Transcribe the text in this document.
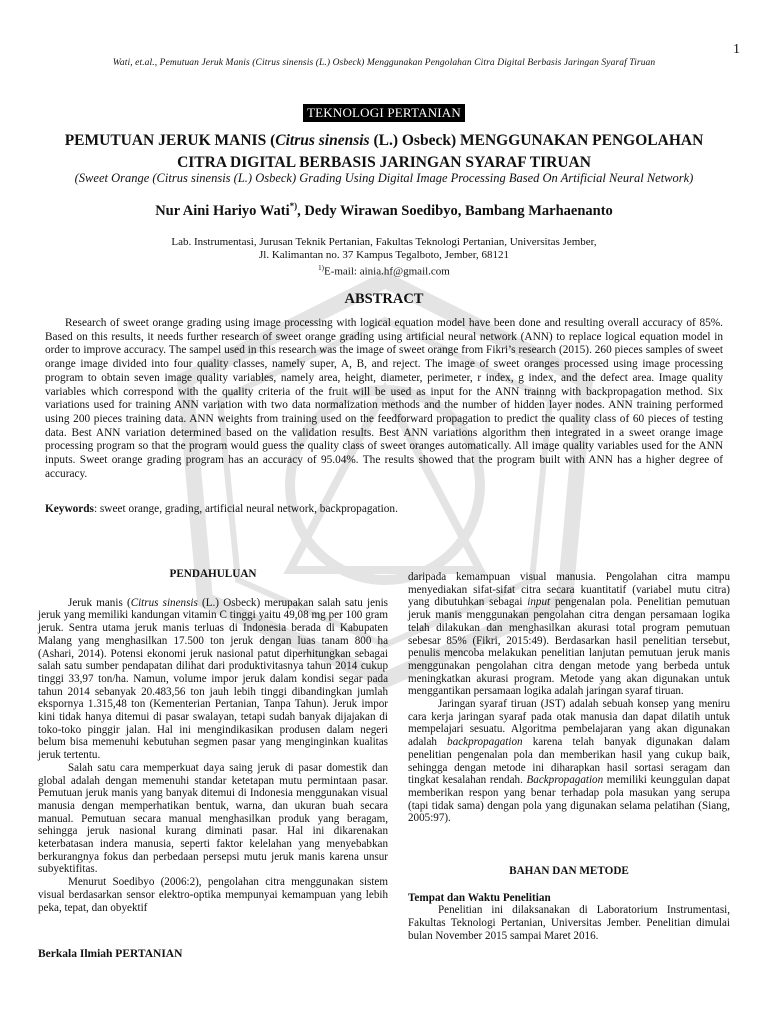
1
Wati, et.al., Pemutuan Jeruk Manis (Citrus sinensis (L.) Osbeck) Menggunakan Pengolahan Citra Digital Berbasis Jaringan Syaraf Tiruan
TEKNOLOGI PERTANIAN
PEMUTUAN JERUK MANIS (Citrus sinensis (L.) Osbeck) MENGGUNAKAN PENGOLAHAN CITRA DIGITAL BERBASIS JARINGAN SYARAF TIRUAN

(Sweet Orange (Citrus sinensis (L.) Osbeck) Grading Using Digital Image Processing Based On Artificial Neural Network)

Nur Aini Hariyo Wati*), Dedy Wirawan Soedibyo, Bambang Marhaenanto
Lab. Instrumentasi, Jurusan Teknik Pertanian, Fakultas Teknologi Pertanian, Universitas Jember,
Jl. Kalimantan no. 37 Kampus Tegalboto, Jember, 68121
$^{1)}$E-mail: ainia.hf@gmail.com
ABSTRACT

Research of sweet orange grading using image processing with logical equation model have been done and resulting overall accuracy of 85%. Based on this results, it needs further research of sweet orange grading using artificial neural network (ANN) to replace logical equation model in order to improve accuracy. The sampel used in this research was the image of sweet orange from Fikri’s research (2015). 260 pieces samples of sweet orange image divided into four quality classes, namely super, A, B, and reject. The image of sweet oranges processed using image processing program to obtain seven image quality variables, namely area, height, diameter, perimeter, r index, g index, and the defect area. Image quality variables which correspond with the quality criteria of the fruit will be used as input for the ANN trainng with backpropagation method. Six variations used for training ANN variation with two data normalization methods and the number of hidden layer nodes. ANN training performed using 200 pieces training data. ANN weights from training used on the feedforward propagation to predict the quality class of 60 pieces of testing data. Best ANN variation determined based on the validation results. Best ANN variations algorithm then integrated in a sweet orange image processing program so that the program would guess the quality class of sweet oranges automatically. All image quality variables used for the ANN inputs. Sweet orange grading program has an accuracy of 95.04%. The results showed that the program built with ANN has a higher degree of accuracy.

Keywords: sweet orange, grading, artificial neural network, backpropagation.

PENDAHULUAN

Jeruk manis (Citrus sinensis (L.) Osbeck) merupakan salah satu jenis jeruk yang memiliki kandungan vitamin C tinggi yaitu 49,08 mg per 100 gram jeruk. Sentra utama jeruk manis terluas di Indonesia berada di Kabupaten Malang yang menghasilkan 17.500 ton jeruk dengan luas tanam 800 ha (Ashari, 2014). Potensi ekonomi jeruk nasional patut diperhitungkan sebagai salah satu sumber pendapatan dilihat dari produktivitasnya tahun 2014 cukup tinggi 33,97 ton/ha. Namun, volume impor jeruk dalam kondisi segar pada tahun 2014 sebanyak 20.483,56 ton jauh lebih tinggi dibandingkan jumlah ekspornya 1.315,48 ton (Kementerian Pertanian, Tanpa Tahun). Jeruk impor kini tidak hanya ditemui di pasar swalayan, tetapi sudah banyak dijajakan di toko-toko pinggir jalan. Hal ini mengindikasikan produsen dalam negeri belum bisa memenuhi kebutuhan segmen pasar yang menginginkan kualitas jeruk tertentu.

Salah satu cara memperkuat daya saing jeruk di pasar domestik dan global adalah dengan memenuhi standar ketetapan mutu permintaan pasar. Pemutuan jeruk manis yang banyak ditemui di Indonesia menggunakan visual manusia dengan memperhatikan bentuk, warna, dan ukuran buah secara manual. Pemutuan secara manual menghasilkan produk yang beragam, sehingga jeruk nasional kurang diminati pasar. Hal ini dikarenakan keterbatasan indera manusia, seperti faktor kelelahan yang menyebabkan berkurangnya fokus dan perbedaan persepsi mutu jeruk manis karena unsur subyektifitas.

Menurut Soedibyo (2006:2), pengolahan citra menggunakan sistem visual berdasarkan sensor elektro-optika mempunyai kemampuan yang lebih peka, tepat, dan obyektif

daripada kemampuan visual manusia. Pengolahan citra mampu menyediakan sifat-sifat citra secara kuantitatif (variabel mutu citra) yang dibutuhkan sebagai input pengenalan pola. Penelitian pemutuan jeruk manis menggunakan pengolahan citra dengan persamaan logika telah dilakukan dan menghasilkan akurasi total program pemutuan sebesar 85% (Fikri, 2015:49). Berdasarkan hasil penelitian tersebut, penulis mencoba melakukan penelitian lanjutan pemutuan jeruk manis menggunakan pengolahan citra dengan metode yang berbeda untuk meningkatkan akurasi program. Metode yang akan digunakan untuk menggantikan persamaan logika adalah jaringan syaraf tiruan.

Jaringan syaraf tiruan (JST) adalah sebuah konsep yang meniru cara kerja jaringan syaraf pada otak manusia dan dapat dilatih untuk mempelajari sesuatu. Algoritma pembelajaran yang akan digunakan adalah backpropagation karena telah banyak digunakan dalam penelitian pengenalan pola dan memberikan hasil yang cukup baik, sehingga dengan metode ini diharapkan hasil sortasi seragam dan tingkat kesalahan rendah. Backpropagation memiliki keunggulan dapat memberikan respon yang benar terhadap pola masukan yang serupa (tapi tidak sama) dengan pola yang digunakan selama pelatihan (Siang, 2005:97).

BAHAN DAN METODE
Tempat dan Waktu Penelitian

Penelitian ini dilaksanakan di Laboratorium Instrumentasi, Fakultas Teknologi Pertanian, Universitas Jember. Penelitian dimulai bulan November 2015 sampai Maret 2016.

Berkala Ilmiah PERTANIAN
